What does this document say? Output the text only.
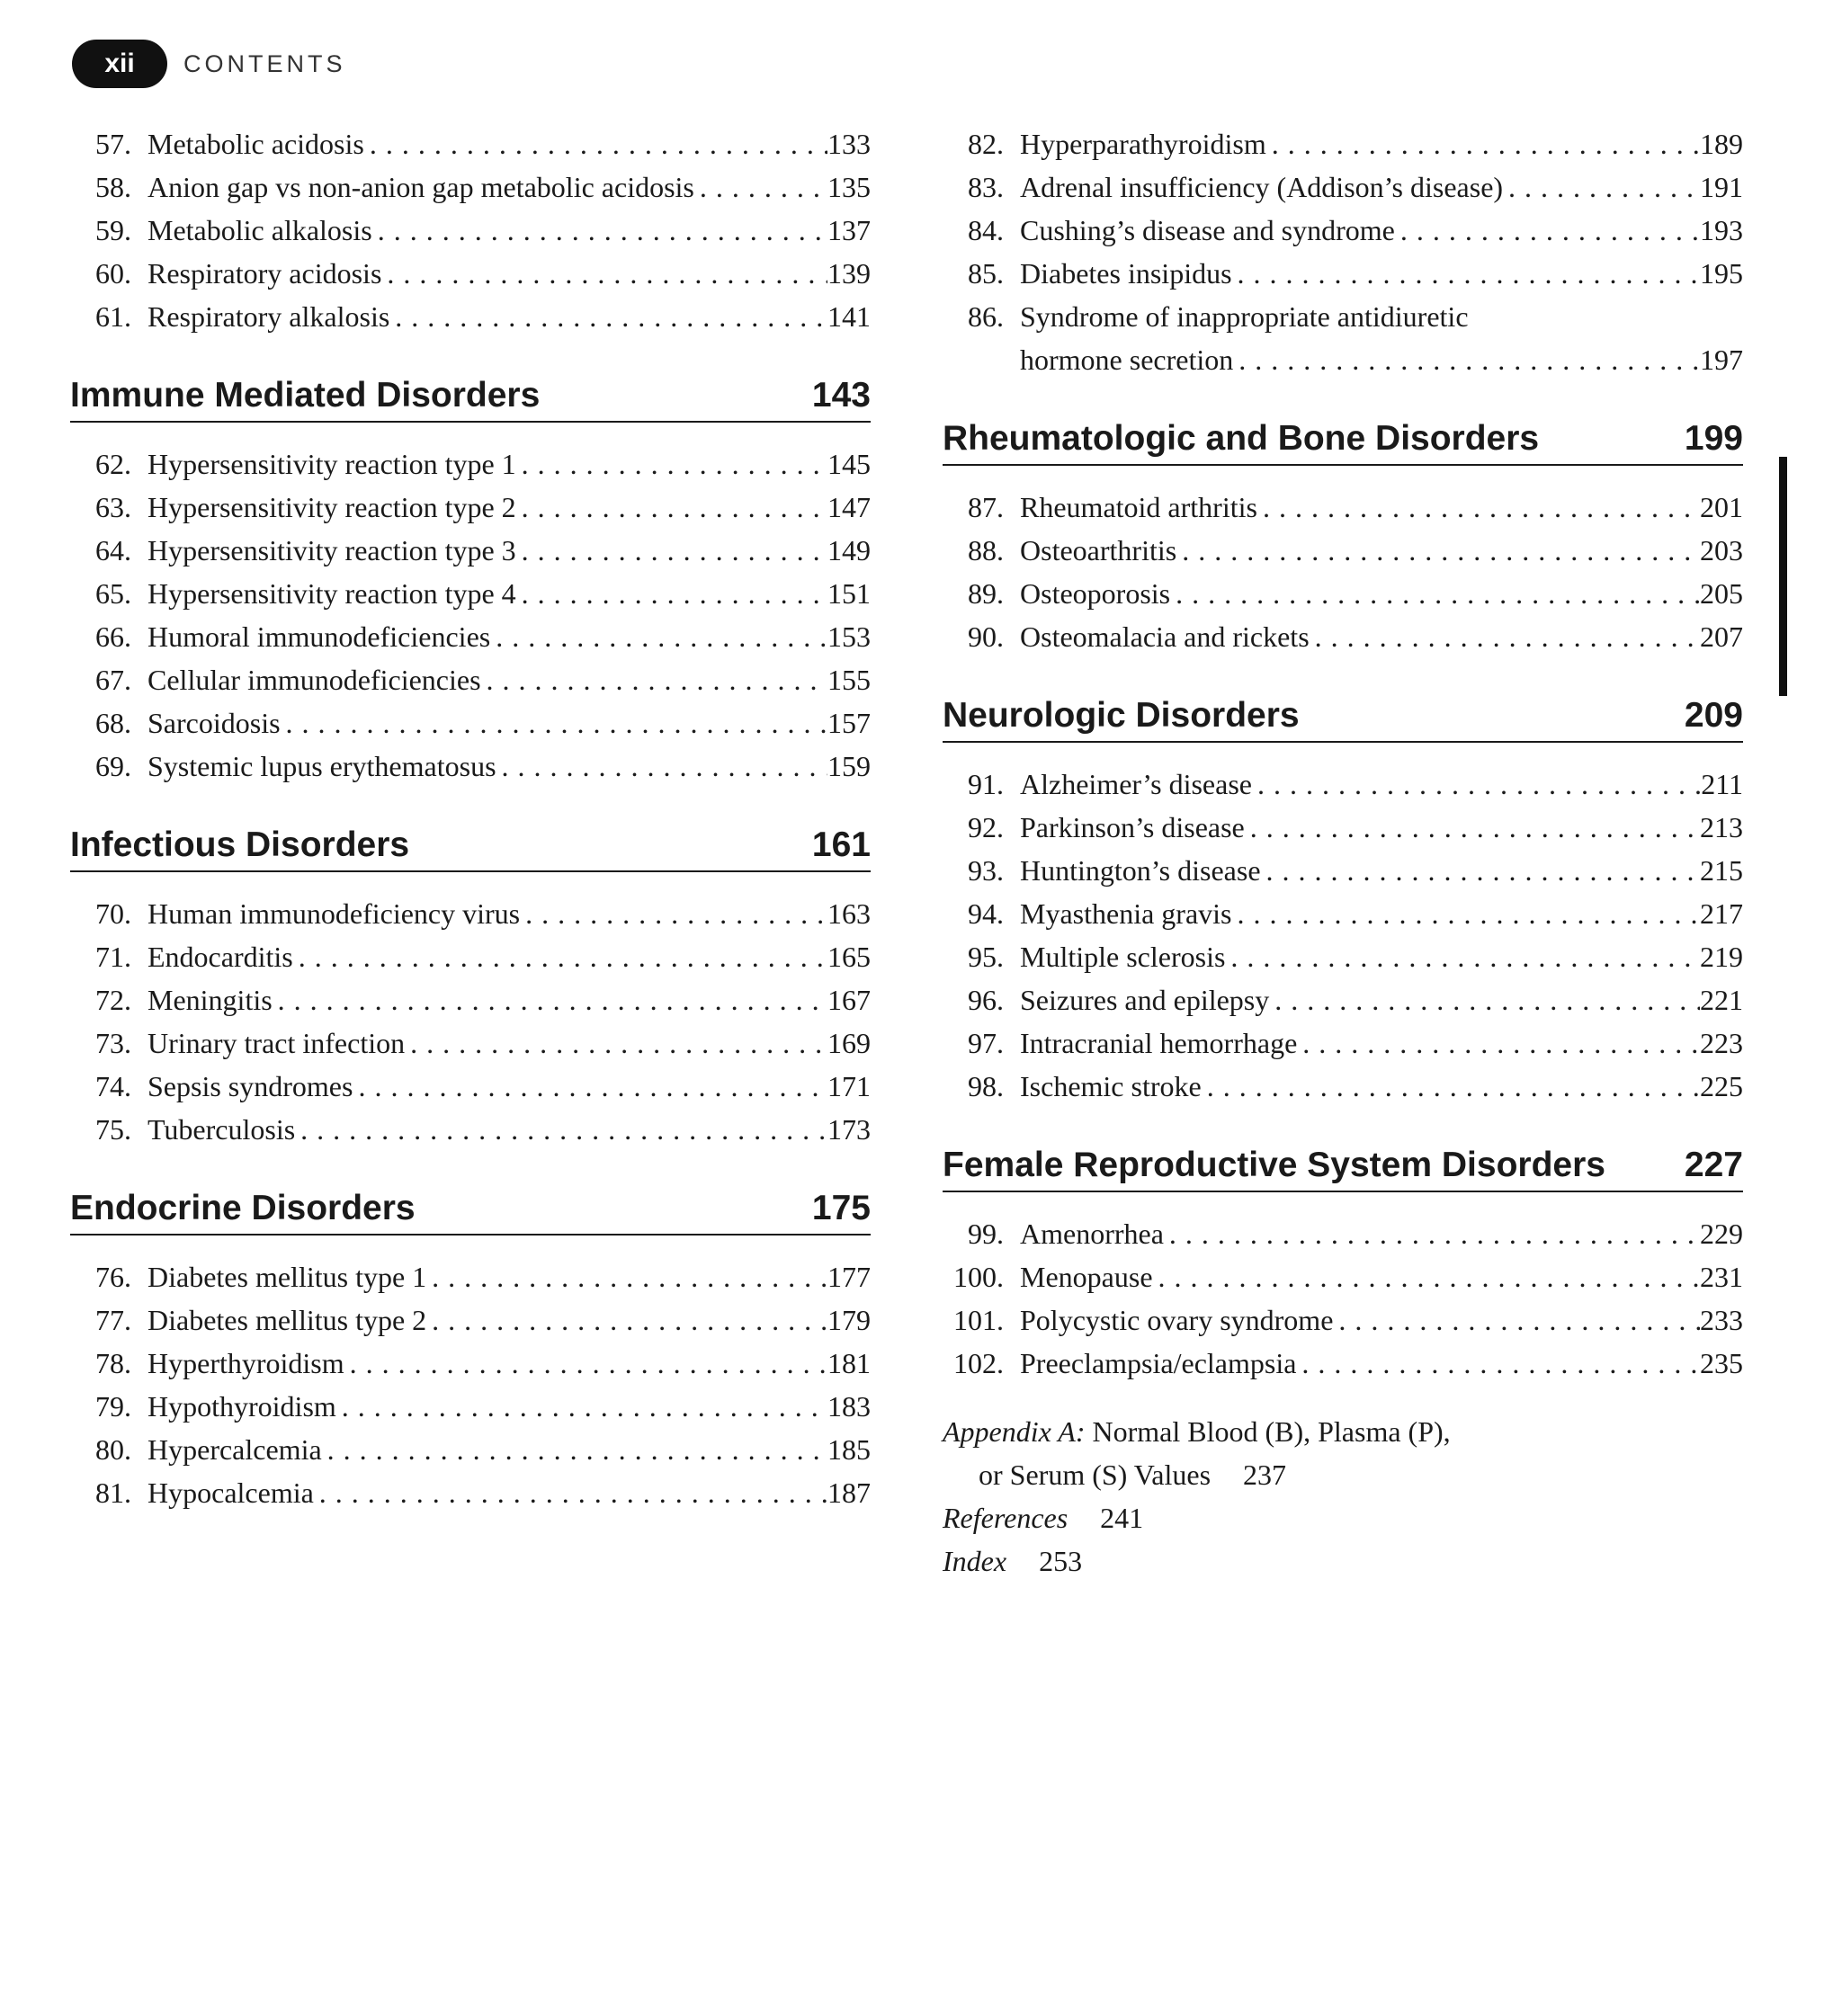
xii	CONTENTS
57. Metabolic acidosis . . .	133
58. Anion gap vs non-anion gap metabolic acidosis . . .	135
59. Metabolic alkalosis . . .	137
60. Respiratory acidosis . . .	139
61. Respiratory alkalosis . . .	141
Immune Mediated Disorders	143
62. Hypersensitivity reaction type 1 . . .	145
63. Hypersensitivity reaction type 2 . . .	147
64. Hypersensitivity reaction type 3 . . .	149
65. Hypersensitivity reaction type 4 . . .	151
66. Humoral immunodeficiencies . . .	153
67. Cellular immunodeficiencies . . .	155
68. Sarcoidosis . . .	157
69. Systemic lupus erythematosus . . .	159
Infectious Disorders	161
70. Human immunodeficiency virus . . .	163
71. Endocarditis . . .	165
72. Meningitis . . .	167
73. Urinary tract infection . . .	169
74. Sepsis syndromes . . .	171
75. Tuberculosis . . .	173
Endocrine Disorders	175
76. Diabetes mellitus type 1 . . .	177
77. Diabetes mellitus type 2 . . .	179
78. Hyperthyroidism . . .	181
79. Hypothyroidism . . .	183
80. Hypercalcemia . . .	185
81. Hypocalcemia . . .	187
82. Hyperparathyroidism . . .	189
83. Adrenal insufficiency (Addison’s disease) . . .	191
84. Cushing’s disease and syndrome . . .	193
85. Diabetes insipidus . . .	195
86. Syndrome of inappropriate antidiuretic
hormone secretion . . .	197
Rheumatologic and Bone Disorders	199
87. Rheumatoid arthritis . . .	201
88. Osteoarthritis . . .	203
89. Osteoporosis . . .	205
90. Osteomalacia and rickets . . .	207
Neurologic Disorders	209
91. Alzheimer’s disease . . .	211
92. Parkinson’s disease . . .	213
93. Huntington’s disease . . .	215
94. Myasthenia gravis . . .	217
95. Multiple sclerosis . . .	219
96. Seizures and epilepsy . . .	221
97. Intracranial hemorrhage . . .	223
98. Ischemic stroke . . .	225
Female Reproductive System Disorders 227
99. Amenorrhea . . .	229
100. Menopause . . .	231
101. Polycystic ovary syndrome . . .	233
102. Preeclampsia/eclampsia . . .	235
Appendix A: Normal Blood (B), Plasma (P),
or Serum (S) Values 237
References 241
Index 253
